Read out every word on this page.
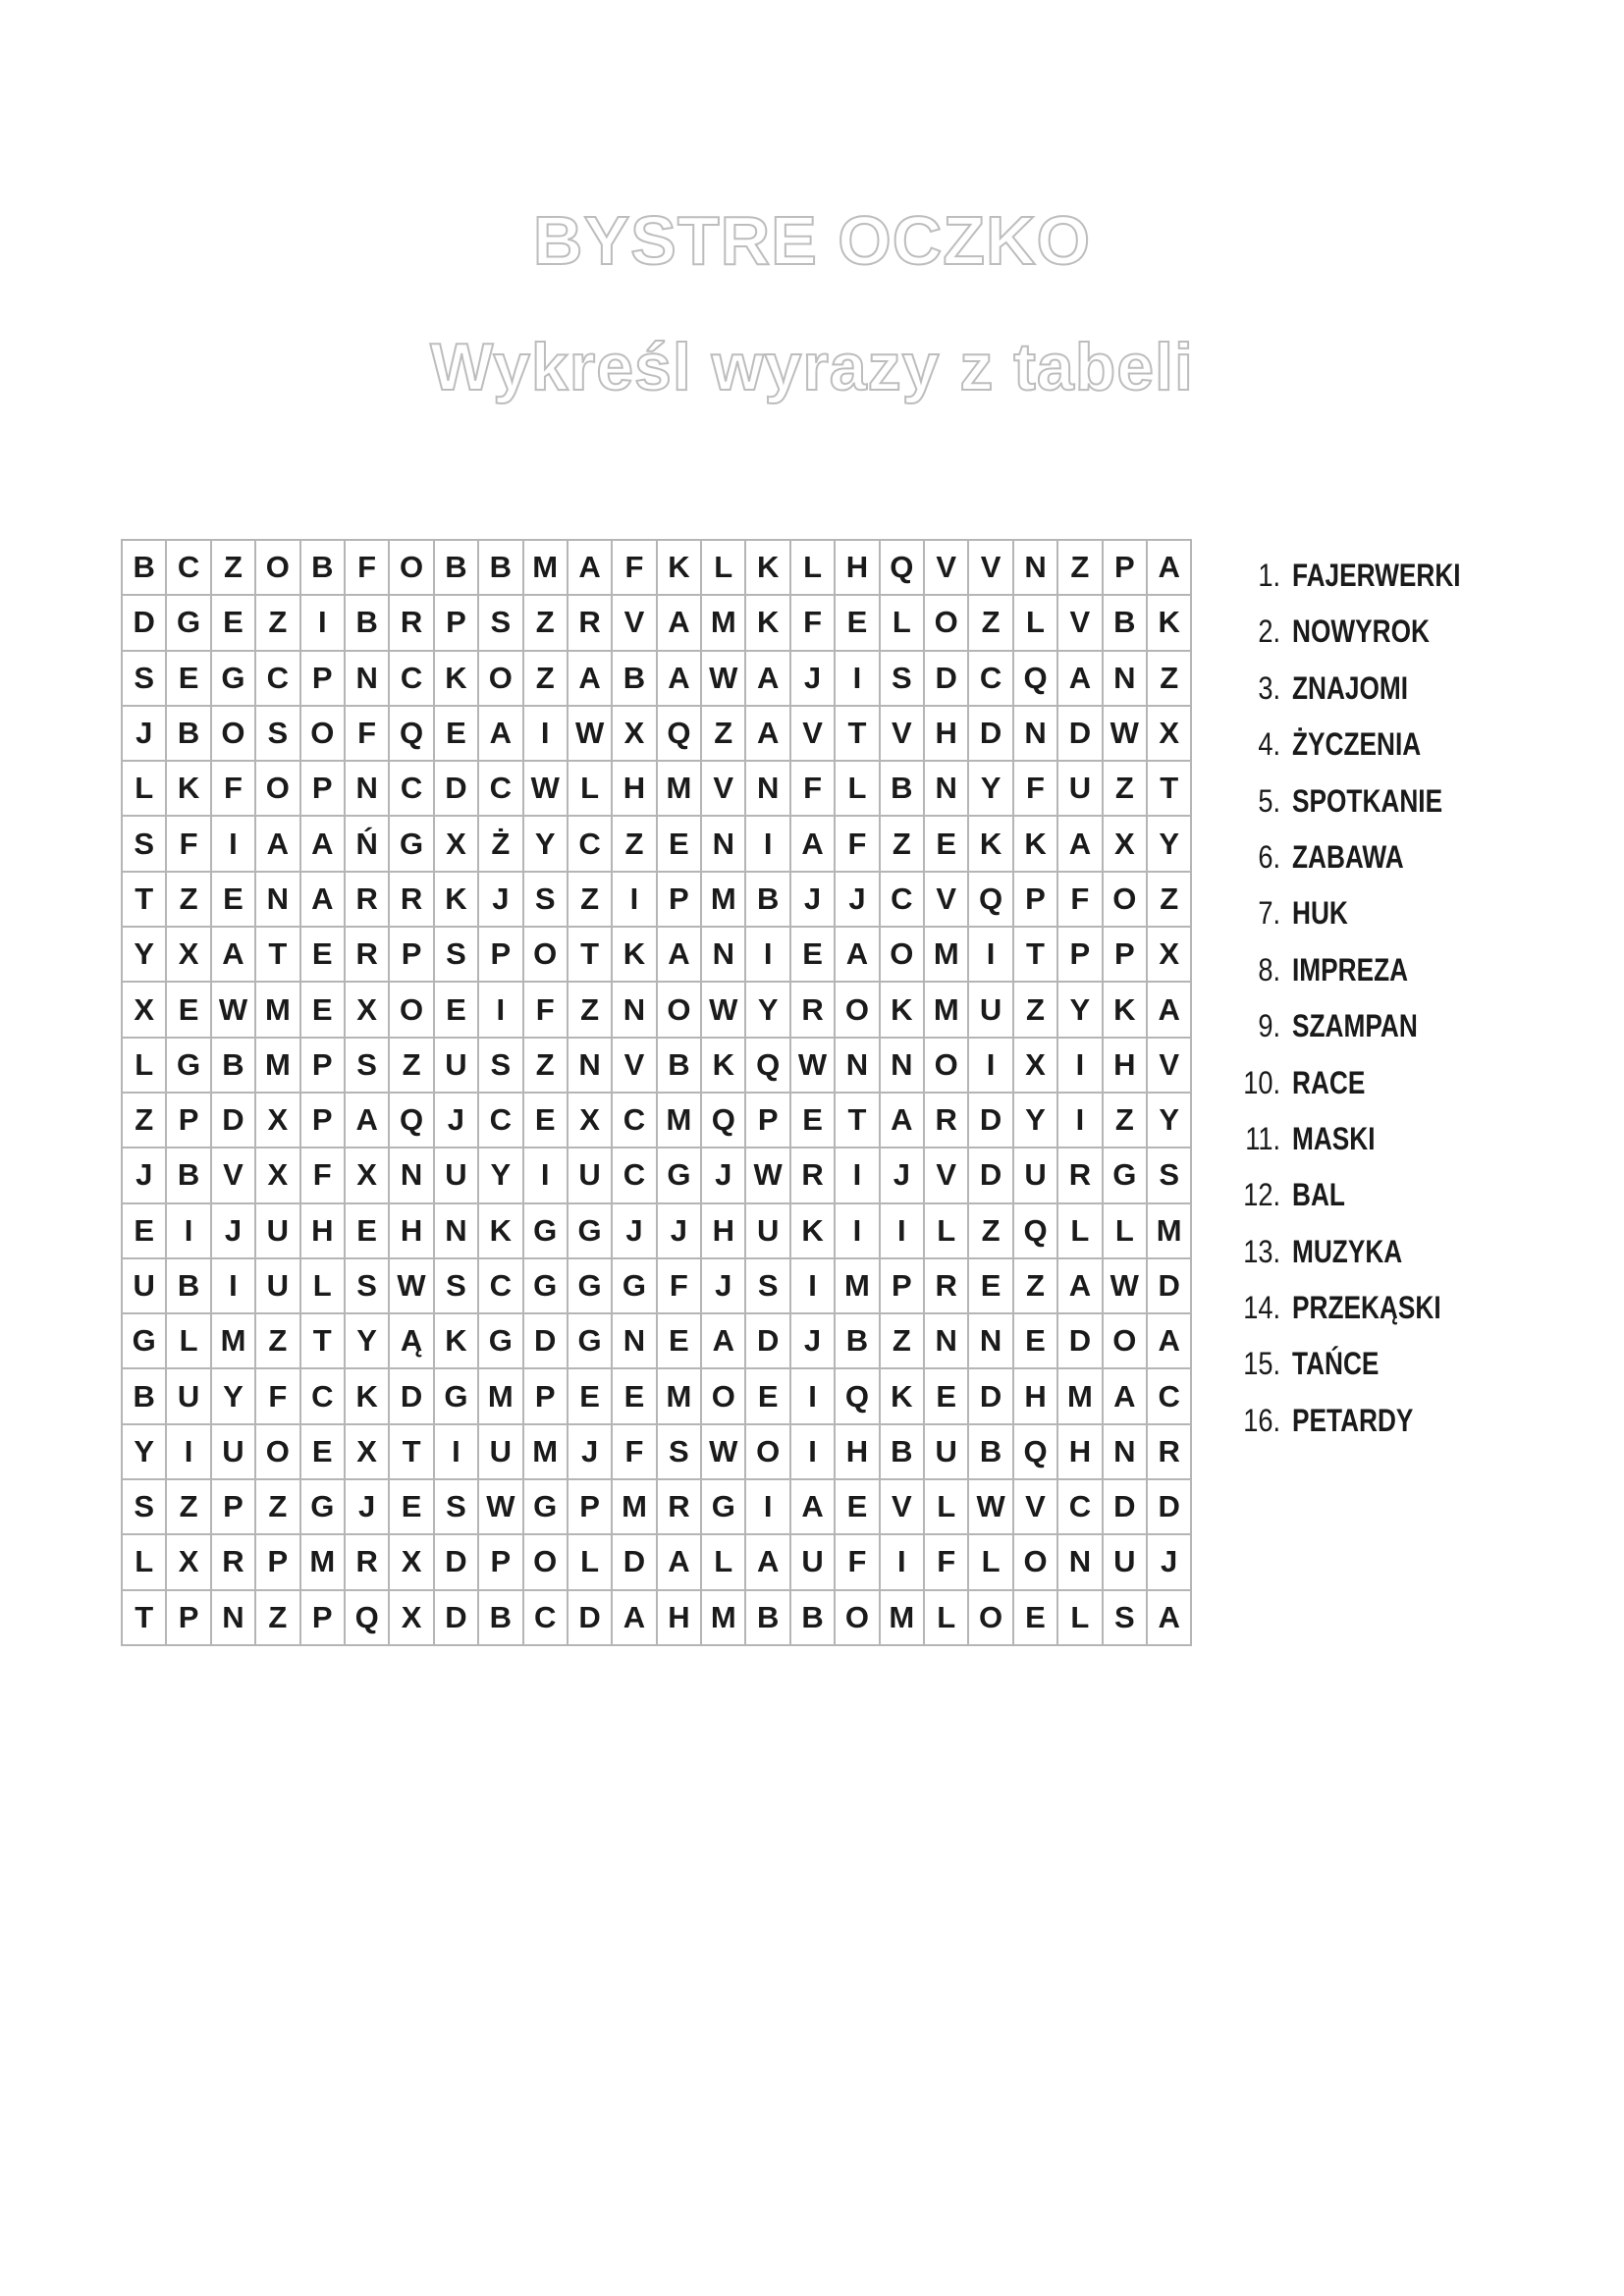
BYSTRE OCZKO
Wykreśl wyrazy z tabeli
B	C	Z	O	B	F	O	B	B	M	A	F	K	L	K	L	H	Q	V	V	N	Z	P	A
D	G	E	Z	I	B	R	P	S	Z	R	V	A	M	K	F	E	L	O	Z	L	V	B	K
S	E	G	C	P	N	C	K	O	Z	A	B	A	W	A	J	I	S	D	C	Q	A	N	Z
J	B	O	S	O	F	Q	E	A	I	W	X	Q	Z	A	V	T	V	H	D	N	D	W	X
L	K	F	O	P	N	C	D	C	W	L	H	M	V	N	F	L	B	N	Y	F	U	Z	T
S	F	I	A	A	Ń	G	X	Ż	Y	C	Z	E	N	I	A	F	Z	E	K	K	A	X	Y
T	Z	E	N	A	R	R	K	J	S	Z	I	P	M	B	J	J	C	V	Q	P	F	O	Z
Y	X	A	T	E	R	P	S	P	O	T	K	A	N	I	E	A	O	M	I	T	P	P	X
X	E	W	M	E	X	O	E	I	F	Z	N	O	W	Y	R	O	K	M	U	Z	Y	K	A
L	G	B	M	P	S	Z	U	S	Z	N	V	B	K	Q	W	N	N	O	I	X	I	H	V
Z	P	D	X	P	A	Q	J	C	E	X	C	M	Q	P	E	T	A	R	D	Y	I	Z	Y
J	B	V	X	F	X	N	U	Y	I	U	C	G	J	W	R	I	J	V	D	U	R	G	S
E	I	J	U	H	E	H	N	K	G	G	J	J	H	U	K	I	I	L	Z	Q	L	L	M
U	B	I	U	L	S	W	S	C	G	G	G	F	J	S	I	M	P	R	E	Z	A	W	D
G	L	M	Z	T	Y	Ą	K	G	D	G	N	E	A	D	J	B	Z	N	N	E	D	O	A
B	U	Y	F	C	K	D	G	M	P	E	E	M	O	E	I	Q	K	E	D	H	M	A	C
Y	I	U	O	E	X	T	I	U	M	J	F	S	W	O	I	H	B	U	B	Q	H	N	R
S	Z	P	Z	G	J	E	S	W	G	P	M	R	G	I	A	E	V	L	W	V	C	D	D
L	X	R	P	M	R	X	D	P	O	L	D	A	L	A	U	F	I	F	L	O	N	U	J
T	P	N	Z	P	Q	X	D	B	C	D	A	H	M	B	B	O	M	L	O	E	L	S	A
1. FAJERWERKI
2. NOWYROK
3. ZNAJOMI
4. ŻYCZENIA
5. SPOTKANIE
6. ZABAWA
7. HUK
8. IMPREZA
9. SZAMPAN
10. RACE
11. MASKI
12. BAL
13. MUZYKA
14. PRZEKĄSKI
15. TAŃCE
16. PETARDY
